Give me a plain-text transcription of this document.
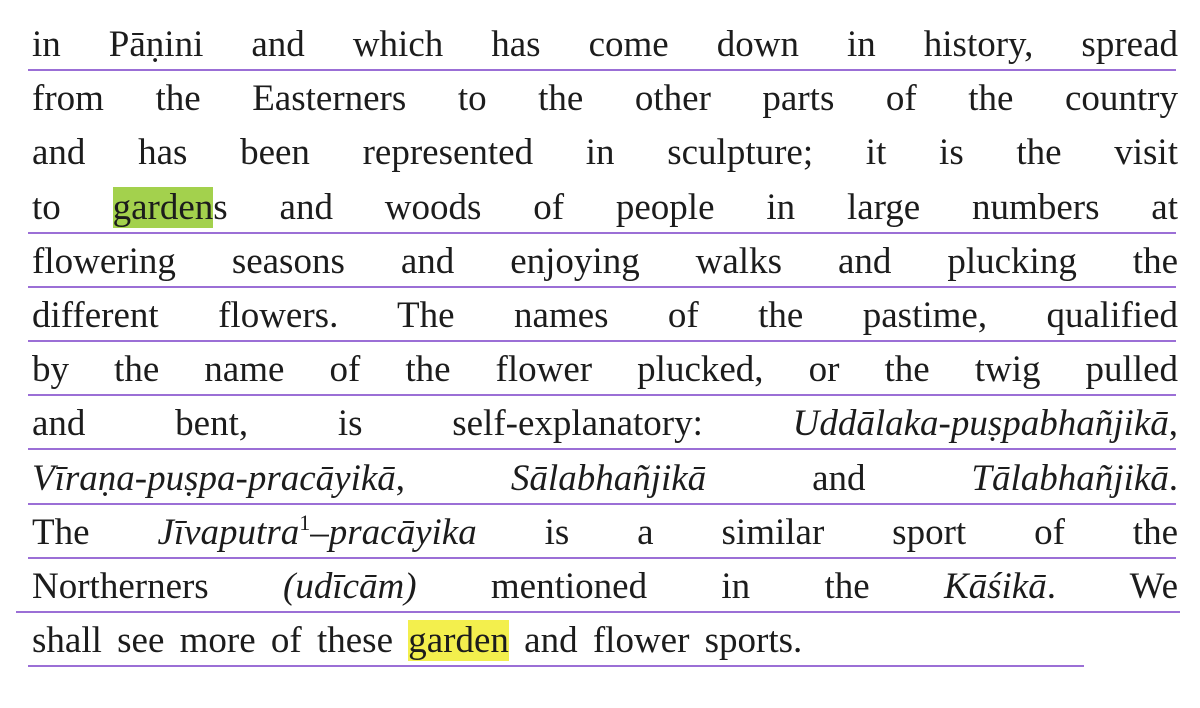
in Pāṇini and which has come down in history, spread
from the Easterners to the other parts of the country
and has been represented in sculpture; it is the visit
to gardens and woods of people in large numbers at
flowering seasons and enjoying walks and plucking the
different flowers. The names of the pastime, qualified
by the name of the flower plucked, or the twig pulled
and bent, is self-explanatory: Uddālaka-puṣpabhañjikā,
Vīraṇa-puṣpa-pracāyikā, Sālabhañjikā and Tālabhañjikā.
The Jīvaputra$^1$–pracāyika is a similar sport of the
Northerners (udīcām) mentioned in the Kāśikā. We
shall see more of these garden and flower sports.
